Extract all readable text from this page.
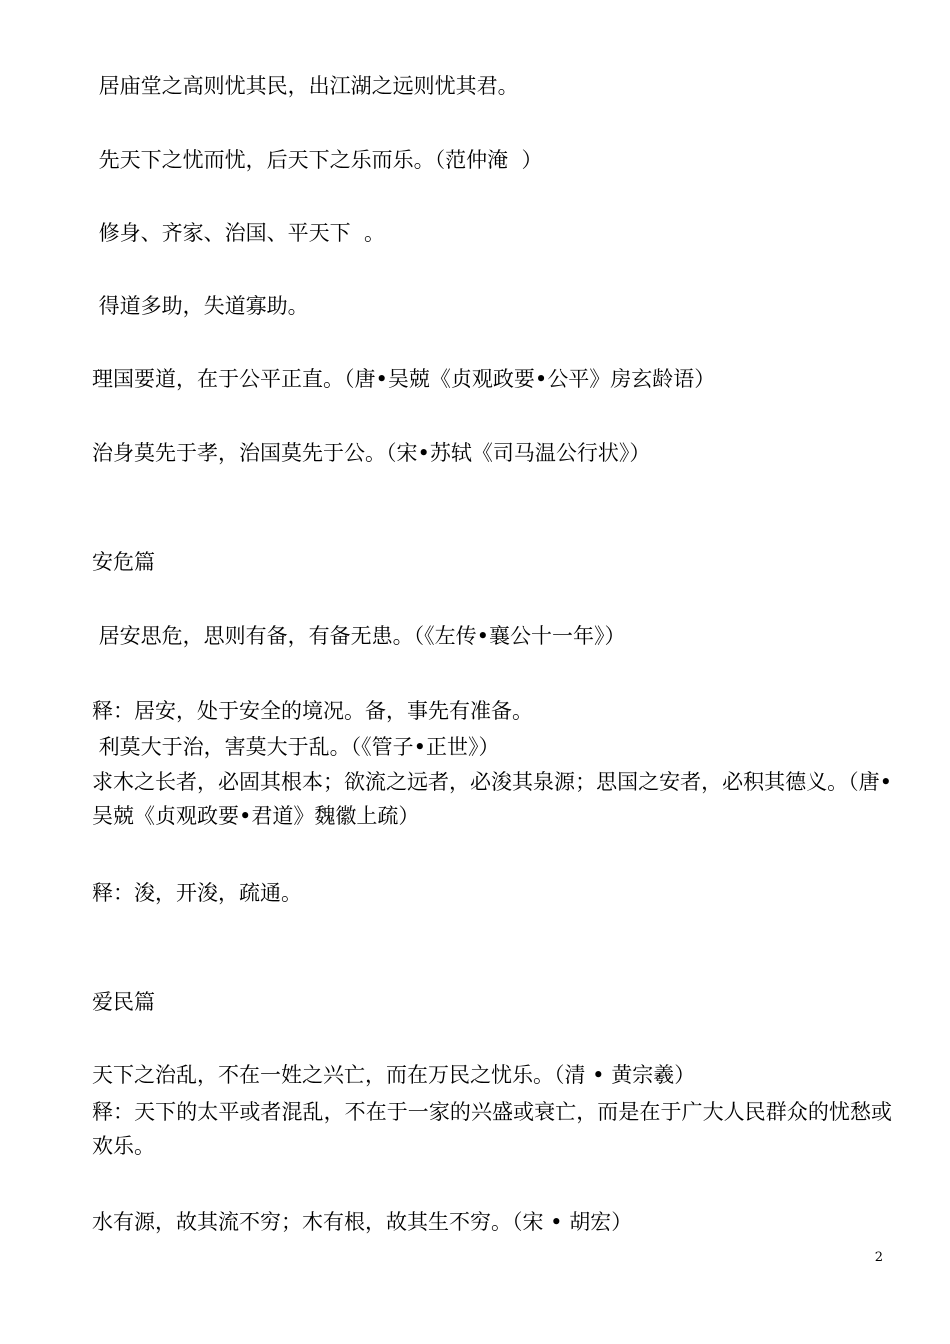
居庙堂之高则忧其民，出江湖之远则忧其君。
先天下之忧而忧，后天下之乐而乐。（范仲淹  ）
修身、齐家、治国、平天下  。
得道多助，失道寡助。
理国要道，在于公平正直。（唐•吴兢《贞观政要•公平》房玄龄语）
治身莫先于孝，治国莫先于公。（宋•苏轼《司马温公行状》）
安危篇
居安思危，思则有备，有备无患。（《左传•襄公十一年》）
释：居安，处于安全的境况。备，事先有准备。
利莫大于治，害莫大于乱。（《管子•正世》）
求木之长者，必固其根本；欲流之远者，必浚其泉源；思国之安者，必积其德义。（唐•吴兢《贞观政要•君道》魏徽上疏）
释：浚，开浚，疏通。
爱民篇
天下之治乱，不在一姓之兴亡，而在万民之忧乐。（清 • 黄宗羲）
释：天下的太平或者混乱，不在于一家的兴盛或衰亡，而是在于广大人民群众的忧愁或欢乐。
水有源，故其流不穷；木有根，故其生不穷。（宋 • 胡宏）
2
